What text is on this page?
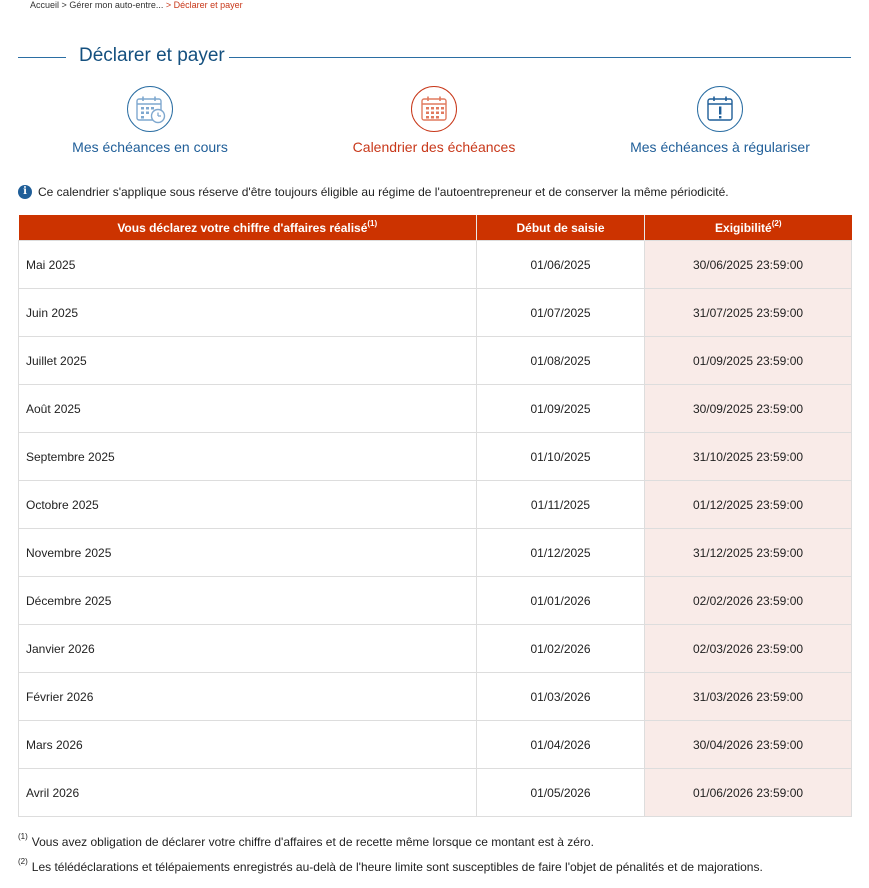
Accueil > Gérer mon auto-entre... > Déclarer et payer
Déclarer et payer
Mes échéances en cours	Calendrier des échéances	Mes échéances à régulariser
i Ce calendrier s'applique sous réserve d'être toujours éligible au régime de l'autoentrepreneur et de conserver la même périodicité.
Vous déclarez votre chiffre d'affaires réalisé$^{(1)}$	Début de saisie	Exigibilité$^{(2)}$
Mai 2025	01/06/2025	30/06/2025 23:59:00
Juin 2025	01/07/2025	31/07/2025 23:59:00
Juillet 2025	01/08/2025	01/09/2025 23:59:00
Août 2025	01/09/2025	30/09/2025 23:59:00
Septembre 2025	01/10/2025	31/10/2025 23:59:00
Octobre 2025	01/11/2025	01/12/2025 23:59:00
Novembre 2025	01/12/2025	31/12/2025 23:59:00
Décembre 2025	01/01/2026	02/02/2026 23:59:00
Janvier 2026	01/02/2026	02/03/2026 23:59:00
Février 2026	01/03/2026	31/03/2026 23:59:00
Mars 2026	01/04/2026	30/04/2026 23:59:00
Avril 2026	01/05/2026	01/06/2026 23:59:00
$^{(1)}$ Vous avez obligation de déclarer votre chiffre d'affaires et de recette même lorsque ce montant est à zéro.
$^{(2)}$ Les télédéclarations et télépaiements enregistrés au-delà de l'heure limite sont susceptibles de faire l'objet de pénalités et de majorations.
